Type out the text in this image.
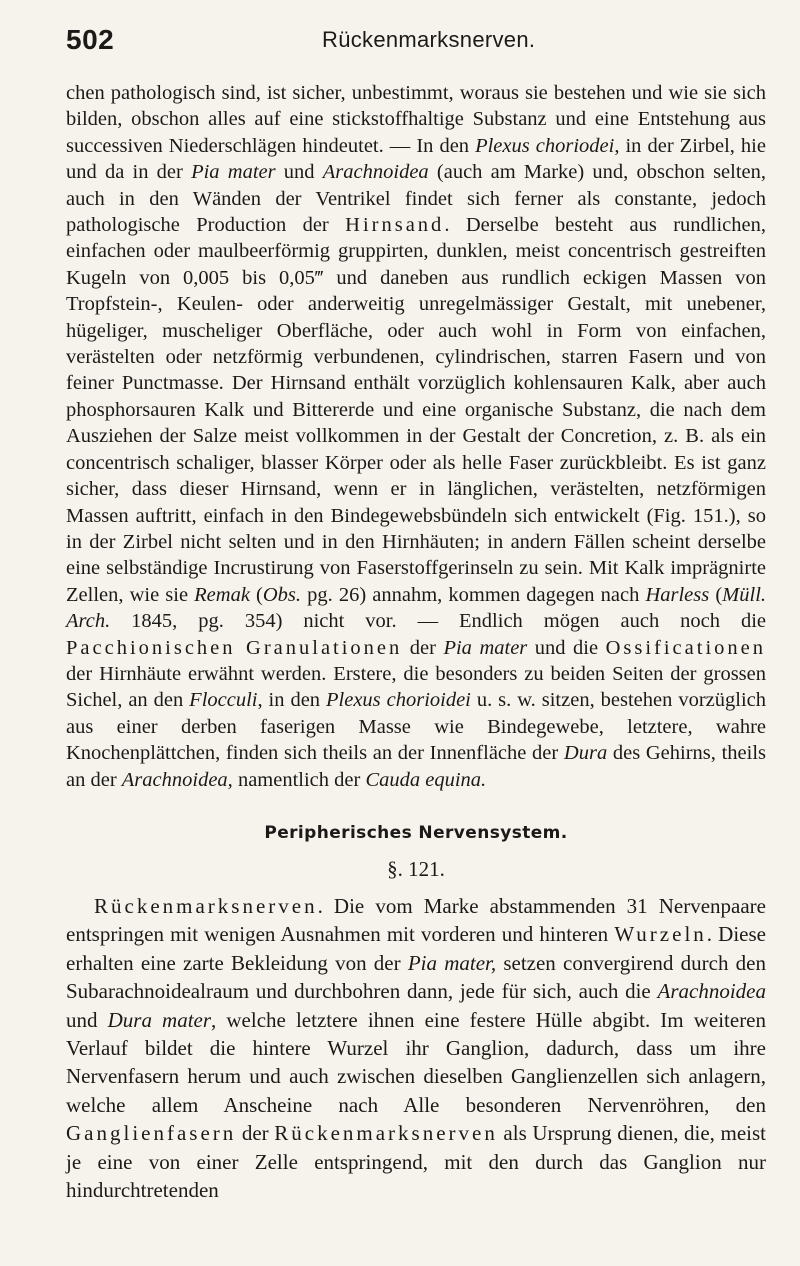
502	Rückenmarksnerven.

chen pathologisch sind, ist sicher, unbestimmt, woraus sie bestehen und wie sie sich bilden, obschon alles auf eine stickstoffhaltige Substanz und eine Entstehung aus successiven Niederschlägen hindeutet. — In den Plexus choriodei, in der Zirbel, hie und da in der Pia mater und Arachnoidea (auch am Marke) und, obschon selten, auch in den Wänden der Ventrikel findet sich ferner als constante, jedoch pathologische Production der Hirnsand. Derselbe besteht aus rundlichen, einfachen oder maulbeerförmig gruppirten, dunklen, meist concentrisch gestreiften Kugeln von 0,005 bis 0,05‴ und daneben aus rundlich eckigen Massen von Tropfstein-, Keulen- oder anderweitig unregelmässiger Gestalt, mit unebener, hügeliger, muscheliger Oberfläche, oder auch wohl in Form von einfachen, verästelten oder netzförmig verbundenen, cylindrischen, starren Fasern und von feiner Punctmasse. Der Hirnsand enthält vorzüglich kohlensauren Kalk, aber auch phosphorsauren Kalk und Bittererde und eine organische Substanz, die nach dem Ausziehen der Salze meist vollkommen in der Gestalt der Concretion, z. B. als ein concentrisch schaliger, blasser Körper oder als helle Faser zurückbleibt. Es ist ganz sicher, dass dieser Hirnsand, wenn er in länglichen, verästelten, netzförmigen Massen auftritt, einfach in den Bindegewebsbündeln sich entwickelt (Fig. 151.), so in der Zirbel nicht selten und in den Hirnhäuten; in andern Fällen scheint derselbe eine selbständige Incrustirung von Faserstoffgerinseln zu sein. Mit Kalk imprägnirte Zellen, wie sie Remak (Obs. pg. 26) annahm, kommen dagegen nach Harless (Müll. Arch. 1845, pg. 354) nicht vor. — Endlich mögen auch noch die Pacchionischen Granulationen der Pia mater und die Ossificationen der Hirnhäute erwähnt werden. Erstere, die besonders zu beiden Seiten der grossen Sichel, an den Flocculi, in den Plexus chorioidei u. s. w. sitzen, bestehen vorzüglich aus einer derben faserigen Masse wie Bindegewebe, letztere, wahre Knochenplättchen, finden sich theils an der Innenfläche der Dura des Gehirns, theils an der Arachnoidea, namentlich der Cauda equina.

Peripherisches Nervensystem.
§. 121.

Rückenmarksnerven. Die vom Marke abstammenden 31 Nervenpaare entspringen mit wenigen Ausnahmen mit vorderen und hinteren Wurzeln. Diese erhalten eine zarte Bekleidung von der Pia mater, setzen convergirend durch den Subarachnoidealraum und durchbohren dann, jede für sich, auch die Arachnoidea und Dura mater, welche letztere ihnen eine festere Hülle abgibt. Im weiteren Verlauf bildet die hintere Wurzel ihr Ganglion, dadurch, dass um ihre Nervenfasern herum und auch zwischen dieselben Ganglienzellen sich anlagern, welche allem Anscheine nach Alle besonderen Nervenröhren, den Ganglienfasern der Rückenmarksnerven als Ursprung dienen, die, meist je eine von einer Zelle entspringend, mit den durch das Ganglion nur hindurchtretenden
